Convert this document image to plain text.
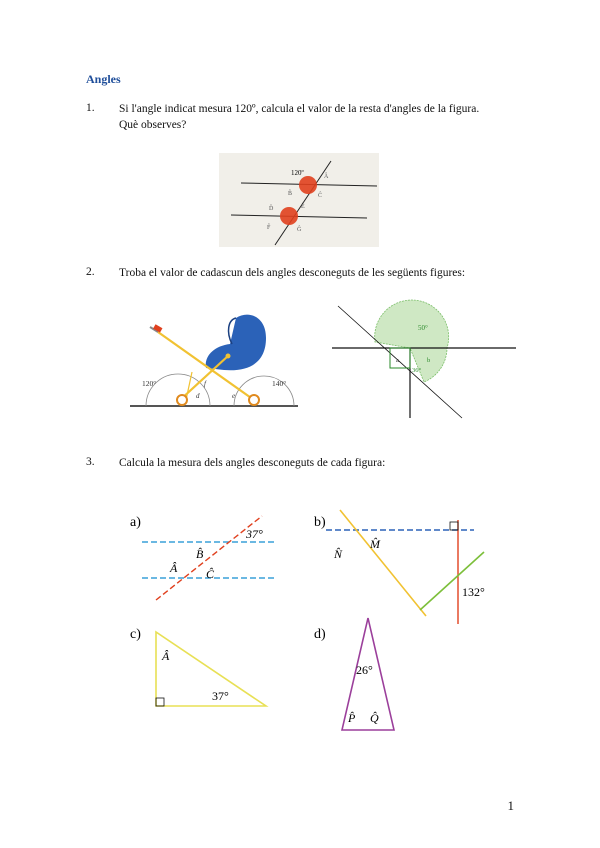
Angles
1. Si l'angle indicat mesura 120º, calcula el valor de la resta d'angles de la figura.
Què observes?
120º	Â
B̂	Ĉ
D̂	Ê
F̂	Ĝ
2. Troba el valor de cadascun dels angles desconeguts de les següents figures:
120°	140°
f
d	e
a	b
50°
36°
3. Calcula la mesura dels angles desconeguts de cada figura:
a)
37°
Â
B̂
Ĉ
b)
N̂
M̂
132°
c)
Â
37°
d)
26°
P̂ Q̂
1
